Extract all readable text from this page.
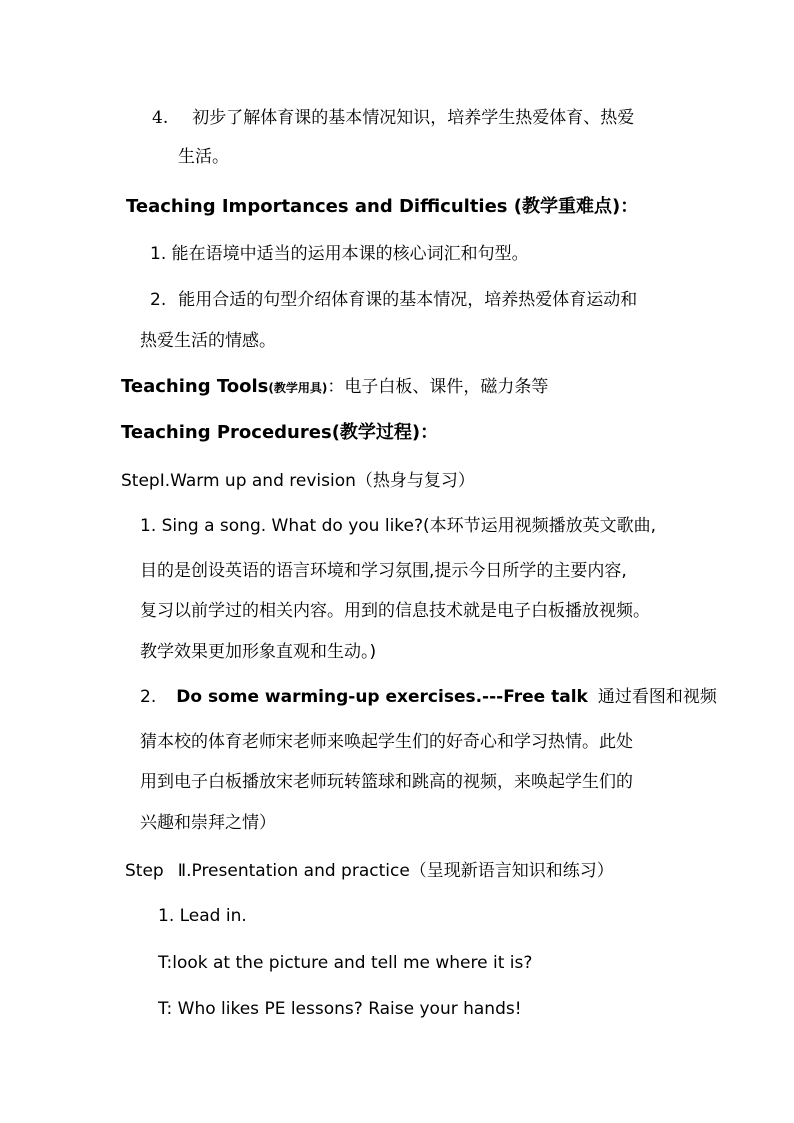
4. 初步了解体育课的基本情况知识，培养学生热爱体育、热爱
生活。
Teaching Importances and Difficulties (教学重难点)：
1. 能在语境中适当的运用本课的核心词汇和句型。
2. 能用合适的句型介绍体育课的基本情况，培养热爱体育运动和
热爱生活的情感。
Teaching Tools(教学用具)：电子白板、课件，磁力条等
Teaching Procedures(教学过程)：
StepⅠ.Warm up and revision（热身与复习）
1. Sing a song. What do you like?(本环节运用视频播放英文歌曲,
目的是创设英语的语言环境和学习氛围,提示今日所学的主要内容,
复习以前学过的相关内容。用到的信息技术就是电子白板播放视频。
教学效果更加形象直观和生动。)
2. Do some warming-up exercises.---Free talk 通过看图和视频
猜本校的体育老师宋老师来唤起学生们的好奇心和学习热情。此处
用到电子白板播放宋老师玩转篮球和跳高的视频，来唤起学生们的
兴趣和崇拜之情）
Step Ⅱ.Presentation and practice（呈现新语言知识和练习）
1. Lead in.
T:look at the picture and tell me where it is?
T: Who likes PE lessons? Raise your hands!
